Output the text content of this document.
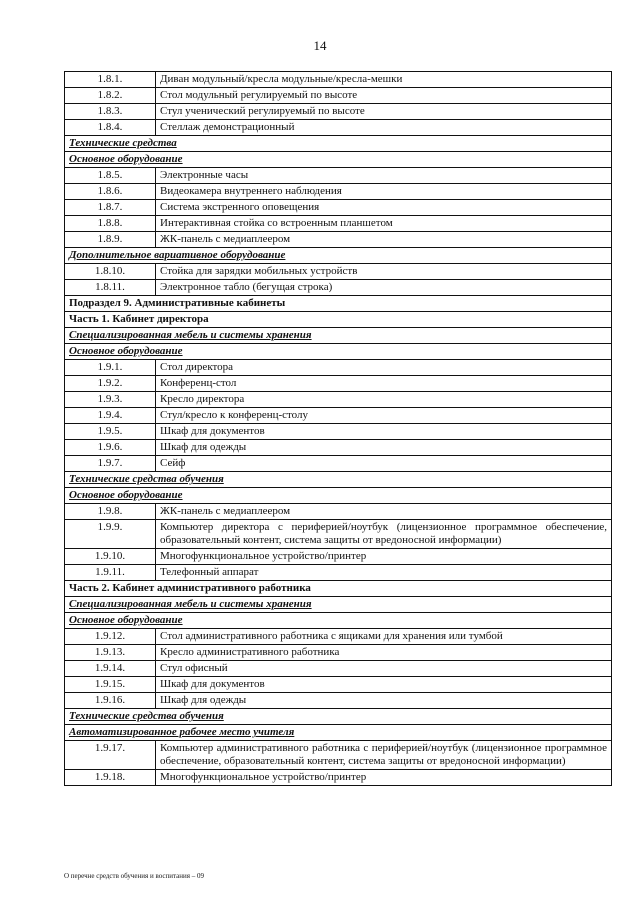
14
1.8.1.	Диван модульный/кресла модульные/кресла-мешки
1.8.2.	Стол модульный регулируемый по высоте
1.8.3.	Стул ученический регулируемый по высоте
1.8.4.	Стеллаж демонстрационный
Технические средства	
Основное оборудование	
1.8.5.	Электронные часы
1.8.6.	Видеокамера внутреннего наблюдения
1.8.7.	Система экстренного оповещения
1.8.8.	Интерактивная стойка со встроенным планшетом
1.8.9.	ЖК-панель с медиаплеером
Дополнительное вариативное оборудование	
1.8.10.	Стойка для зарядки мобильных устройств
1.8.11.	Электронное табло (бегущая строка)
Подраздел 9. Административные кабинеты	
Часть 1. Кабинет директора	
Специализированная мебель и системы хранения	
Основное оборудование	
1.9.1.	Стол директора
1.9.2.	Конференц-стол
1.9.3.	Кресло директора
1.9.4.	Стул/кресло к конференц-столу
1.9.5.	Шкаф для документов
1.9.6.	Шкаф для одежды
1.9.7.	Сейф
Технические средства обучения	
Основное оборудование	
1.9.8.	ЖК-панель с медиаплеером
1.9.9.	Компьютер директора с периферией/ноутбук (лицензионное программное обеспечение, образовательный контент, система защиты от вредоносной информации)
1.9.10.	Многофункциональное устройство/принтер
1.9.11.	Телефонный аппарат
Часть 2. Кабинет административного работника	
Специализированная мебель и системы хранения	
Основное оборудование	
1.9.12.	Стол административного работника с ящиками для хранения или тумбой
1.9.13.	Кресло административного работника
1.9.14.	Стул офисный
1.9.15.	Шкаф для документов
1.9.16.	Шкаф для одежды
Технические средства обучения	
Автоматизированное рабочее место учителя	
1.9.17.	Компьютер административного работника с периферией/ноутбук (лицензионное программное обеспечение, образовательный контент, система защиты от вредоносной информации)
1.9.18.	Многофункциональное устройство/принтер
О перечне средств обучения и воспитания – 09
